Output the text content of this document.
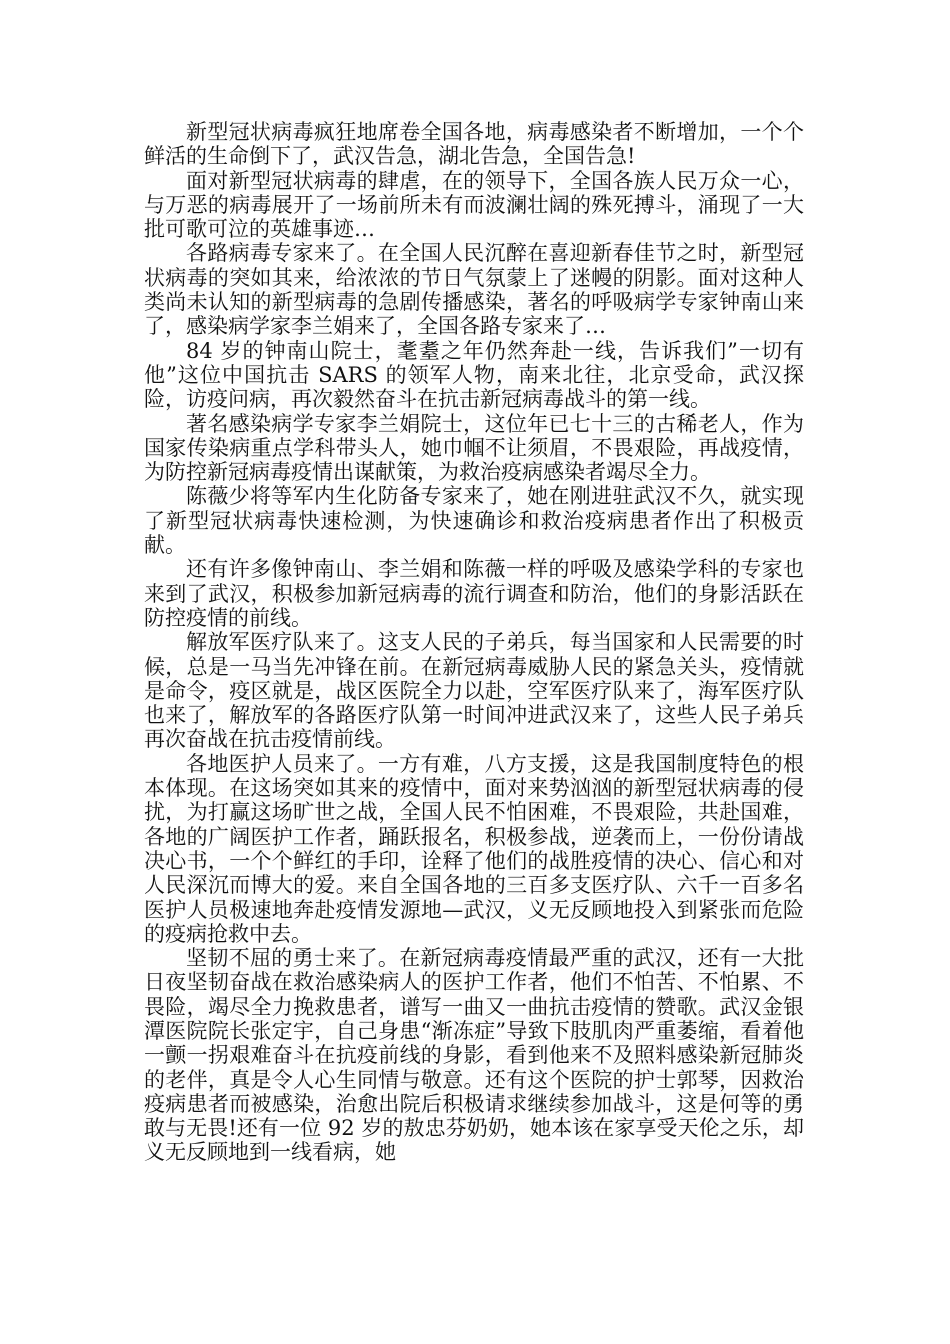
新型冠状病毒疯狂地席卷全国各地，病毒感染者不断增加，一个个鲜活的生命倒下了，武汉告急，湖北告急，全国告急!

面对新型冠状病毒的肆虐，在的领导下，全国各族人民万众一心，与万恶的病毒展开了一场前所未有而波澜壮阔的殊死搏斗，涌现了一大批可歌可泣的英雄事迹…

各路病毒专家来了。在全国人民沉醉在喜迎新春佳节之时，新型冠状病毒的突如其来，给浓浓的节日气氛蒙上了迷幔的阴影。面对这种人类尚未认知的新型病毒的急剧传播感染，著名的呼吸病学专家钟南山来了，感染病学家李兰娟来了，全国各路专家来了…

84 岁的钟南山院士，耄耋之年仍然奔赴一线，告诉我们”一切有他”这位中国抗击 SARS 的领军人物，南来北往，北京受命，武汉探险，访疫问病，再次毅然奋斗在抗击新冠病毒战斗的第一线。

著名感染病学专家李兰娟院士，这位年已七十三的古稀老人，作为国家传染病重点学科带头人，她巾帼不让须眉，不畏艰险，再战疫情，为防控新冠病毒疫情出谋献策，为救治疫病感染者竭尽全力。

陈薇少将等军内生化防备专家来了，她在刚进驻武汉不久，就实现了新型冠状病毒快速检测，为快速确诊和救治疫病患者作出了积极贡献。

还有许多像钟南山、李兰娟和陈薇一样的呼吸及感染学科的专家也来到了武汉，积极参加新冠病毒的流行调查和防治，他们的身影活跃在防控疫情的前线。

解放军医疗队来了。这支人民的子弟兵，每当国家和人民需要的时候，总是一马当先冲锋在前。在新冠病毒威胁人民的紧急关头，疫情就是命令，疫区就是，战区医院全力以赴，空军医疗队来了，海军医疗队也来了，解放军的各路医疗队第一时间冲进武汉来了，这些人民子弟兵再次奋战在抗击疫情前线。

各地医护人员来了。一方有难，八方支援，这是我国制度特色的根本体现。在这场突如其来的疫情中，面对来势汹汹的新型冠状病毒的侵扰，为打赢这场旷世之战，全国人民不怕困难，不畏艰险，共赴国难，各地的广阔医护工作者，踊跃报名，积极参战，逆袭而上，一份份请战决心书，一个个鲜红的手印，诠释了他们的战胜疫情的决心、信心和对人民深沉而博大的爱。来自全国各地的三百多支医疗队、六千一百多名医护人员极速地奔赴疫情发源地—武汉，义无反顾地投入到紧张而危险的疫病抢救中去。

坚韧不屈的勇士来了。在新冠病毒疫情最严重的武汉，还有一大批日夜坚韧奋战在救治感染病人的医护工作者，他们不怕苦、不怕累、不畏险，竭尽全力挽救患者，谱写一曲又一曲抗击疫情的赞歌。武汉金银潭医院院长张定宇，自己身患“渐冻症”导致下肢肌肉严重萎缩，看着他一颤一拐艰难奋斗在抗疫前线的身影，看到他来不及照料感染新冠肺炎的老伴，真是令人心生同情与敬意。还有这个医院的护士郭琴，因救治疫病患者而被感染，治愈出院后积极请求继续参加战斗，这是何等的勇敢与无畏!还有一位 92 岁的敖忠芬奶奶，她本该在家享受天伦之乐，却义无反顾地到一线看病，她
